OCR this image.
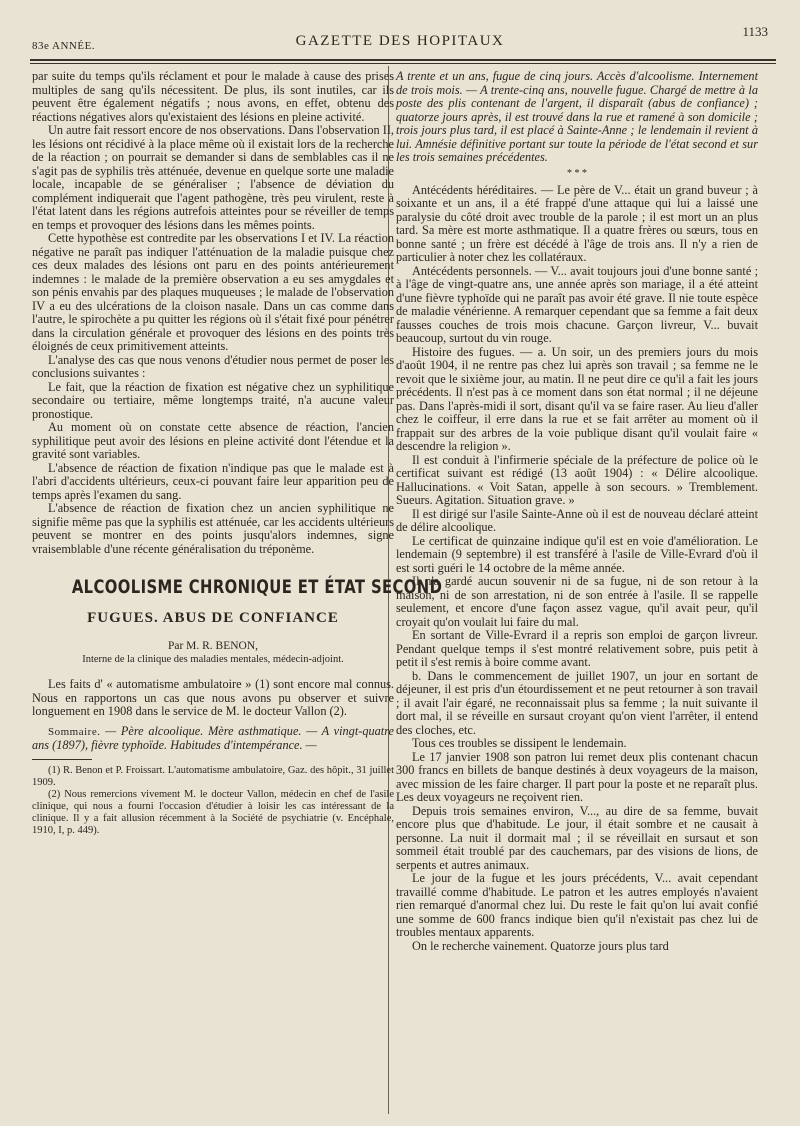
83e ANNÉE.	GAZETTE DES HOPITAUX
1133

par suite du temps qu'ils réclament et pour le malade à cause des prises multiples de sang qu'ils nécessitent. De plus, ils sont inutiles, car ils peuvent être également négatifs ; nous avons, en effet, obtenu des réactions négatives alors qu'existaient des lésions en pleine activité.

Un autre fait ressort encore de nos observations. Dans l'observation II, les lésions ont récidivé à la place même où il existait lors de la recherche de la réaction ; on pourrait se demander si dans de semblables cas il ne s'agit pas de syphilis très atténuée, devenue en quelque sorte une maladie locale, incapable de se généraliser ; l'absence de déviation du complément indiquerait que l'agent pathogène, très peu virulent, reste à l'état latent dans les régions autrefois atteintes pour se réveiller de temps en temps et provoquer des lésions dans les mêmes points.

Cette hypothèse est contredite par les observations I et IV. La réaction négative ne paraît pas indiquer l'atténuation de la maladie puisque chez ces deux malades des lésions ont paru en des points antérieurement indemnes : le malade de la première observation a eu ses amygdales et son pénis envahis par des plaques muqueuses ; le malade de l'observation IV a eu des ulcérations de la cloison nasale. Dans un cas comme dans l'autre, le spirochète a pu quitter les régions où il s'était fixé pour pénétrer dans la circulation générale et provoquer des lésions en des points très éloignés de ceux primitivement atteints.

L'analyse des cas que nous venons d'étudier nous permet de poser les conclusions suivantes :

Le fait, que la réaction de fixation est négative chez un syphilitique secondaire ou tertiaire, même longtemps traité, n'a aucune valeur pronostique.

Au moment où on constate cette absence de réaction, l'ancien syphilitique peut avoir des lésions en pleine activité dont l'étendue et la gravité sont variables.

L'absence de réaction de fixation n'indique pas que le malade est à l'abri d'accidents ultérieurs, ceux-ci pouvant faire leur apparition peu de temps après l'examen du sang.

L'absence de réaction de fixation chez un ancien syphilitique ne signifie même pas que la syphilis est atténuée, car les accidents ultérieurs peuvent se montrer en des points jusqu'alors indemnes, signe vraisemblable d'une récente généralisation du tréponème.

ALCOOLISME CHRONIQUE ET ÉTAT SECOND
FUGUES. ABUS DE CONFIANCE
Par M. R. BENON,
Interne de la clinique des maladies mentales, médecin-adjoint.

Les faits d' « automatisme ambulatoire » (1) sont encore mal connus. Nous en rapportons un cas que nous avons pu observer et suivre longuement en 1908 dans le service de M. le docteur Vallon (2).

Sommaire. — Père alcoolique. Mère asthmatique. — A vingt-quatre ans (1897), fièvre typhoïde. Habitudes d'intempérance. —

(1) R. Benon et P. Froissart. L'automatisme ambulatoire, Gaz. des hôpit., 31 juillet 1909.

(2) Nous remercions vivement M. le docteur Vallon, médecin en chef de l'asile clinique, qui nous a fourni l'occasion d'étudier à loisir les cas intéressant de la clinique. Il y a fait allusion récemment à la Société de psychiatrie (v. Encéphale, 1910, I, p. 449).

A trente et un ans, fugue de cinq jours. Accès d'alcoolisme. Internement de trois mois. — A trente-cinq ans, nouvelle fugue. Chargé de mettre à la poste des plis contenant de l'argent, il disparaît (abus de confiance) ; quatorze jours après, il est trouvé dans la rue et ramené à son domicile ; trois jours plus tard, il est placé à Sainte-Anne ; le lendemain il revient à lui. Amnésie définitive portant sur toute la période de l'état second et sur les trois semaines précédentes.

* * *

Antécédents héréditaires. — Le père de V... était un grand buveur ; à soixante et un ans, il a été frappé d'une attaque qui lui a laissé une paralysie du côté droit avec trouble de la parole ; il est mort un an plus tard. Sa mère est morte asthmatique. Il a quatre frères ou sœurs, tous en bonne santé ; un frère est décédé à l'âge de trois ans. Il n'y a rien de particulier à noter chez les collatéraux.

Antécédents personnels. — V... avait toujours joui d'une bonne santé ; à l'âge de vingt-quatre ans, une année après son mariage, il a été atteint d'une fièvre typhoïde qui ne paraît pas avoir été grave. Il nie toute espèce de maladie vénérienne. A remarquer cependant que sa femme a fait deux fausses couches de trois mois chacune. Garçon livreur, V... buvait beaucoup, surtout du vin rouge.

Histoire des fugues. — a. Un soir, un des premiers jours du mois d'août 1904, il ne rentre pas chez lui après son travail ; sa femme ne le revoit que le sixième jour, au matin. Il ne peut dire ce qu'il a fait les jours précédents. Il n'est pas à ce moment dans son état normal ; il ne déjeune pas. Dans l'après-midi il sort, disant qu'il va se faire raser. Au lieu d'aller chez le coiffeur, il erre dans la rue et se fait arrêter au moment où il frappait sur des arbres de la voie publique disant qu'il voulait faire « descendre la religion ».

Il est conduit à l'infirmerie spéciale de la préfecture de police où le certificat suivant est rédigé (13 août 1904) : « Délire alcoolique. Hallucinations. « Voit Satan, appelle à son secours. » Tremblement. Sueurs. Agitation. Situation grave. »

Il est dirigé sur l'asile Sainte-Anne où il est de nouveau déclaré atteint de délire alcoolique.

Le certificat de quinzaine indique qu'il est en voie d'amélioration. Le lendemain (9 septembre) il est transféré à l'asile de Ville-Evrard d'où il est sorti guéri le 14 octobre de la même année.

Il n'a gardé aucun souvenir ni de sa fugue, ni de son retour à la maison, ni de son arrestation, ni de son entrée à l'asile. Il se rappelle seulement, et encore d'une façon assez vague, qu'il avait peur, qu'il croyait qu'on voulait lui faire du mal.

En sortant de Ville-Evrard il a repris son emploi de garçon livreur. Pendant quelque temps il s'est montré relativement sobre, puis petit à petit il s'est remis à boire comme avant.

b. Dans le commencement de juillet 1907, un jour en sortant de déjeuner, il est pris d'un étourdissement et ne peut retourner à son travail ; il avait l'air égaré, ne reconnaissait plus sa femme ; la nuit suivante il dort mal, il se réveille en sursaut croyant qu'on vient l'arrêter, il entend des cloches, etc.

Tous ces troubles se dissipent le lendemain.

Le 17 janvier 1908 son patron lui remet deux plis contenant chacun 300 francs en billets de banque destinés à deux voyageurs de la maison, avec mission de les faire charger. Il part pour la poste et ne reparaît plus. Les deux voyageurs ne reçoivent rien.

Depuis trois semaines environ, V..., au dire de sa femme, buvait encore plus que d'habitude. Le jour, il était sombre et ne causait à personne. La nuit il dormait mal ; il se réveillait en sursaut et son sommeil était troublé par des cauchemars, par des visions de lions, de serpents et autres animaux.

Le jour de la fugue et les jours précédents, V... avait cependant travaillé comme d'habitude. Le patron et les autres employés n'avaient rien remarqué d'anormal chez lui. Du reste le fait qu'on lui avait confié une somme de 600 francs indique bien qu'il n'existait pas chez lui de troubles mentaux apparents.

On le recherche vainement. Quatorze jours plus tard
